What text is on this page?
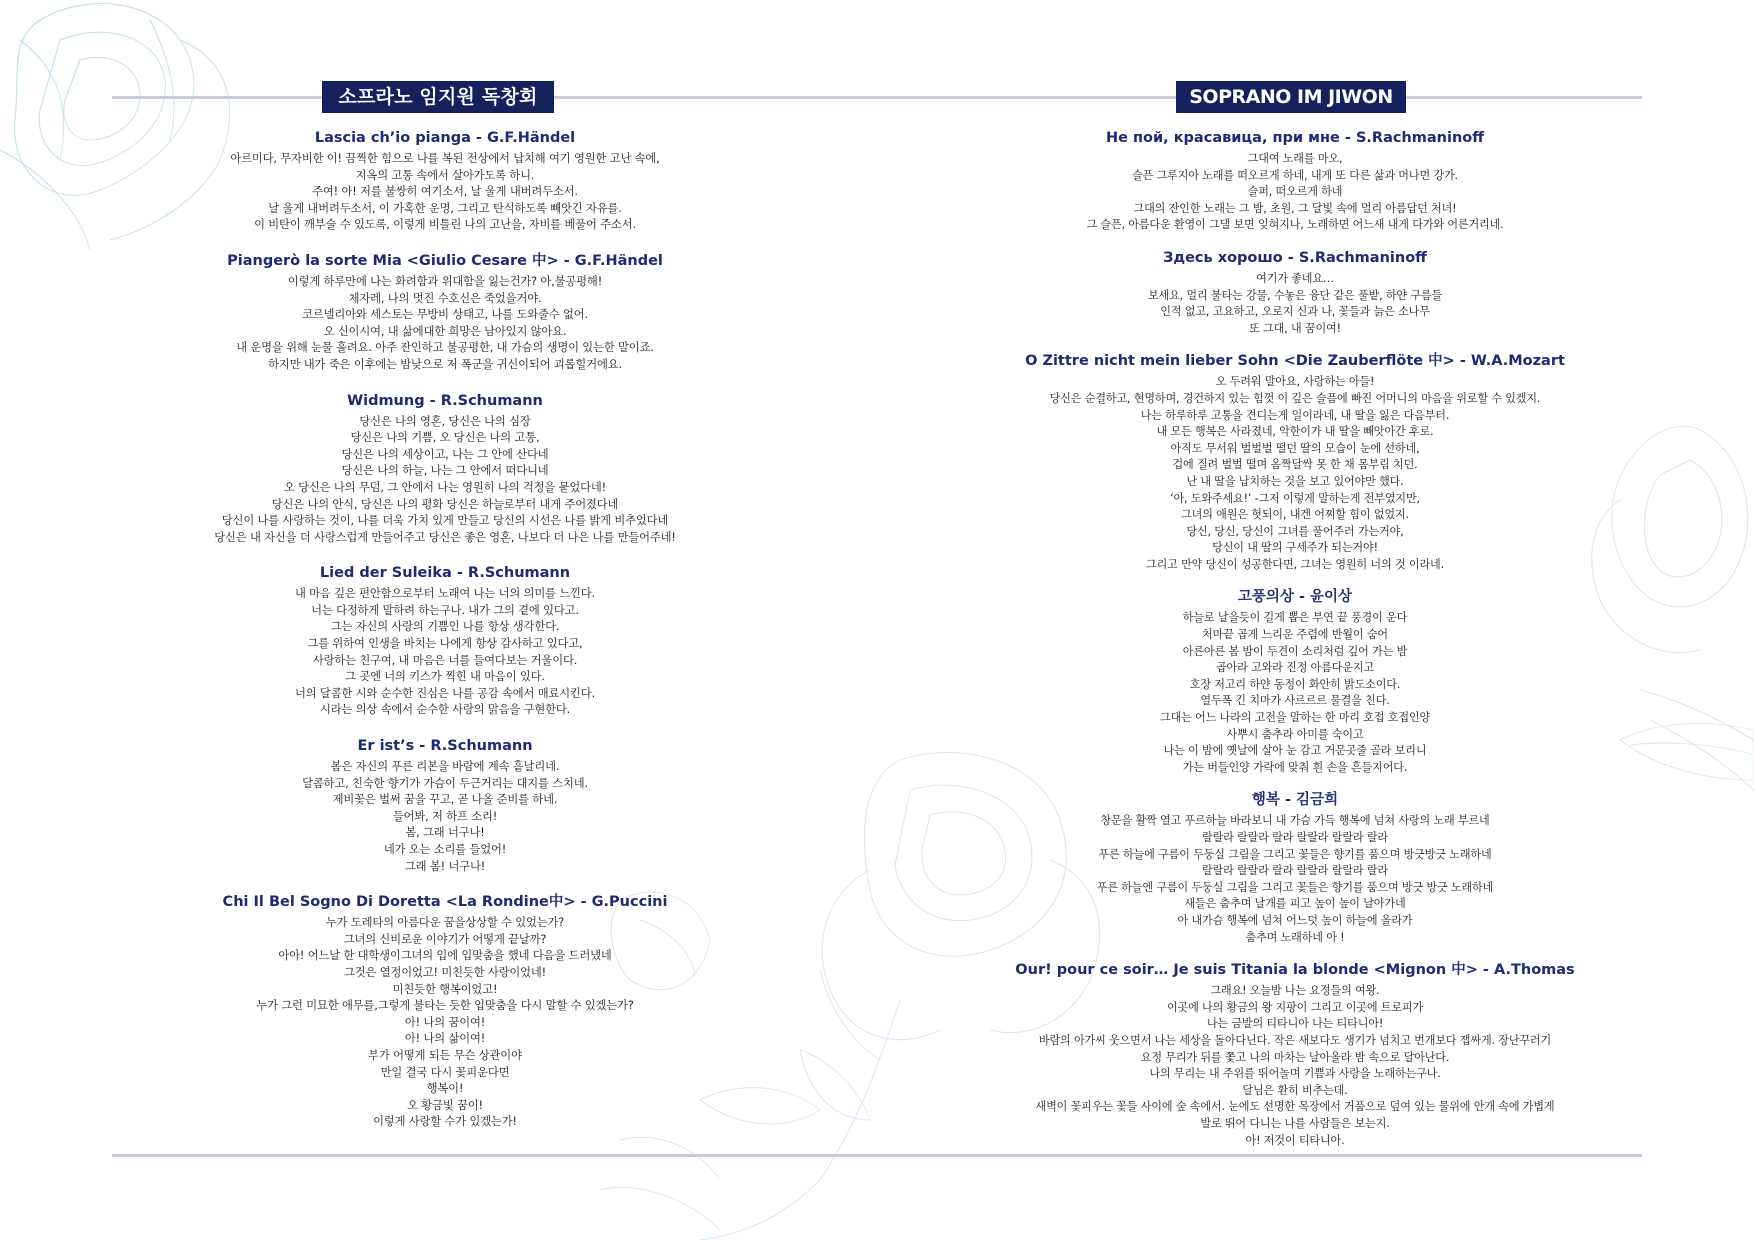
소프라노 임지원 독창회	SOPRANO IM JIWON
Lascia ch’io pianga - G.F.Händel
아르미다, 무자비한 이! 끔찍한 힘으로 나를 복된 전상에서 납치해 여기 영원한 고난 속에,
지옥의 고통 속에서 살아가도록 하니.
주여! 아! 저를 불쌍히 여기소서, 날 울게 내버려두소서.
날 울게 내버려두소서, 이 가혹한 운명, 그리고 탄식하도록 빼앗긴 자유를.
이 비탄이 깨부술 수 있도록, 이렇게 비틀린 나의 고난을, 자비를 베풀어 주소서.
Piangerò la sorte Mia <Giulio Cesare 中> - G.F.Händel
이렇게 하루만에 나는 화려함과 위대함을 잃는건가? 아,불공평해!
체자레, 나의 멋진 수호신은 죽었을거야.
코르넬리아와 세스토는 무방비 상태고, 나를 도와줄수 없어.
오 신이시여, 내 삶에대한 희망은 남아있지 않아요.
내 운명을 위해 눈물 흘려요. 아주 잔인하고 불공평한, 내 가슴의 생명이 있는한 말이죠.
하지만 내가 죽은 이후에는 밤낮으로 저 폭군을 귀신이되어 괴롭힐거에요.
Widmung - R.Schumann
당신은 나의 영혼, 당신은 나의 심장
당신은 나의 기쁨, 오 당신은 나의 고통,
당신은 나의 세상이고, 나는 그 안에 산다네
당신은 나의 하늘, 나는 그 안에서 떠다니네
오 당신은 나의 무덤, 그 안에서 나는 영원히 나의 걱정을 묻었다네!
당신은 나의 안식, 당신은 나의 평화 당신은 하늘로부터 내게 주어졌다네
당신이 나를 사랑하는 것이, 나를 더욱 가치 있게 만들고 당신의 시선은 나를 밝게 비추었다네
당신은 내 자신을 더 사랑스럽게 만들어주고 당신은 좋은 영혼, 나보다 더 나은 나를 만들어주네!
Lied der Suleika - R.Schumann
내 마음 깊은 편안함으로부터 노래여 나는 너의 의미를 느낀다.
너는 다정하게 말하려 하는구나. 내가 그의 곁에 있다고.
그는 자신의 사랑의 기쁨인 나를 항상 생각한다.
그를 위하여 인생을 바치는 나에게 항상 감사하고 있다고,
사랑하는 친구여, 내 마음은 너를 들여다보는 거울이다.
그 곳엔 너의 키스가 찍힌 내 마음이 있다.
너의 달콤한 시와 순수한 진심은 나를 공감 속에서 매료시킨다.
시라는 의상 속에서 순수한 사랑의 맑음을 구현한다.
Er ist’s - R.Schumann
봄은 자신의 푸른 리본을 바람에 계속 흩날리네.
달콤하고, 친숙한 향기가 가슴이 두근거리는 대지를 스치네.
제비꽃은 벌써 꿈을 꾸고, 곧 나올 준비를 하네.
들어봐, 저 하프 소리!
봄, 그래 너구나!
네가 오는 소리를 들었어!
그래 봄! 너구나!
Chi Il Bel Sogno Di Doretta <La Rondine中> - G.Puccini
누가 도레타의 아름다운 꿈을상상할 수 있었는가?
그녀의 신비로운 이야기가 어떻게 끝날까?
아아! 어느날 한 대학생이그녀의 입에 입맞춤을 했네 다음을 드러냈네
그것은 열정이었고! 미친듯한 사랑이었네!
미친듯한 행복이었고!
누가 그런 미묘한 애무를,그렇게 불타는 듯한 입맞춤을 다시 말할 수 있겠는가?
아! 나의 꿈이여!
아! 나의 삶이여!
부가 어떻게 되든 무슨 상관이야
만일 결국 다시 꽃피운다면
행복이!
오 황금빛 꿈이!
이렇게 사랑할 수가 있겠는가!
Не пой, красавица, при мне - S.Rachmaninoff
그대여 노래를 마오,
슬픈 그루지아 노래를 떠오르게 하네, 내게 또 다른 삶과 머나먼 강가.
슬퍼, 떠오르게 하네
그대의 잔인한 노래는 그 밤, 초원, 그 달빛 속에 멀리 아름답던 처녀!
그 슬픈, 아름다운 환영이 그댈 보면 잊혀지나, 노래하면 어느새 내게 다가와 어른거리네.
Здесь хорошо - S.Rachmaninoff
여기가 좋네요…
보세요, 멀리 불타는 강물, 수놓은 융단 같은 풀밭, 하얀 구름들
인적 없고, 고요하고, 오로지 신과 나, 꽃들과 늙은 소나무
또 그대, 내 꿈이여!
O Zittre nicht mein lieber Sohn <Die Zauberflöte 中> - W.A.Mozart
오 두려워 말아요, 사랑하는 아들!
당신은 순결하고, 현명하며, 경건하지 있는 힘껏 이 깊은 슬픔에 빠진 어머니의 마음을 위로할 수 있겠지.
나는 하루하루 고통을 견디는게 일이라네, 내 딸을 잃은 다음부터.
내 모든 행복은 사라졌네, 악한이가 내 딸을 빼앗아간 후로.
아직도 무서워 벌벌벌 떨던 딸의 모습이 눈에 선하네,
겁에 질려 벌벌 떨며 옴짝달싹 못 한 채 몸부림 치던.
난 내 딸을 납치하는 것을 보고 있어야만 했다.
‘아, 도와주세요!’ -그저 이렇게 말하는게 전부였지만,
그녀의 애원은 헛되이, 내겐 어찌할 힘이 없었지.
당신, 당신, 당신이 그녀를 풀어주러 가는거야,
당신이 내 딸의 구세주가 되는거야!
그리고 만약 당신이 성공한다면, 그녀는 영원히 너의 것 이라네.
고풍의상 - 윤이상
하늘로 날을듯이 길게 뽑은 부연 끝 풍경이 운다
처마끝 곱게 느리운 주렴에 반월이 숨어
아른아른 봄 밤이 두견이 소리처럼 깊어 가는 밤
곱아라 고와라 진정 아름다운지고
호장 저고리 하얀 동정이 화안히 밝도소이다.
열두폭 긴 치마가 사르르르 물결을 친다.
그대는 어느 나라의 고전을 말하는 한 마리 호접 호접인양
사뿌시 춤추라 아미를 숙이고
나는 이 밤에 옛날에 살아 눈 감고 거문곳줄 골라 보리니
가는 버들인양 가락에 맞춰 흰 손을 흔들지어다.
행복 - 김금희
창문을 활짝 열고 푸르하늘 바라보니 내 가슴 가득 행복에 넘쳐 사랑의 노래 부르네
랄랄라 랄랄라 랄라 랄랄라 랄랄라 랄라
푸른 하늘에 구름이 두둥실 그림을 그리고 꽃들은 향기를 품으며 방긋방긋 노래하네
랄랄라 랄랄라 랄라 랄랄라 랄랄라 랄라
푸른 하늘엔 구름이 두둥실 그림을 그리고 꽃들은 향기를 품으며 방긋 방긋 노래하네
새들은 춤추며 날개를 피고 높이 높이 날아가네
아 내가슴 행복에 넘쳐 어느덧 높이 하늘에 올라가
춤추며 노래하네 아 !
Our! pour ce soir… Je suis Titania la blonde <Mignon 中> - A.Thomas
그래요! 오늘밤 나는 요정들의 여왕.
이곳에 나의 황금의 왕 지팡이 그리고 이곳에 트로피가
나는 금발의 티타니아 나는 티타니아!
바람의 아가씨 웃으면서 나는 세상을 돌아다닌다. 작은 새보다도 생기가 넘치고 번개보다 잽싸게. 장난꾸러기
요정 무리가 뒤를 쫓고 나의 마차는 날아올라 밤 속으로 달아난다.
나의 무리는 내 주위를 뛰어놀며 기쁨과 사랑을 노래하는구나.
달님은 환히 비추는데.
새벽이 꽃피우는 꽃들 사이에 숲 속에서. 눈에도 선명한 목장에서 거품으로 덮여 있는 물위에 안개 속에 가볍게
발로 뛰어 다니는 나를 사람들은 보는지.
아! 저것이 티타니아.
